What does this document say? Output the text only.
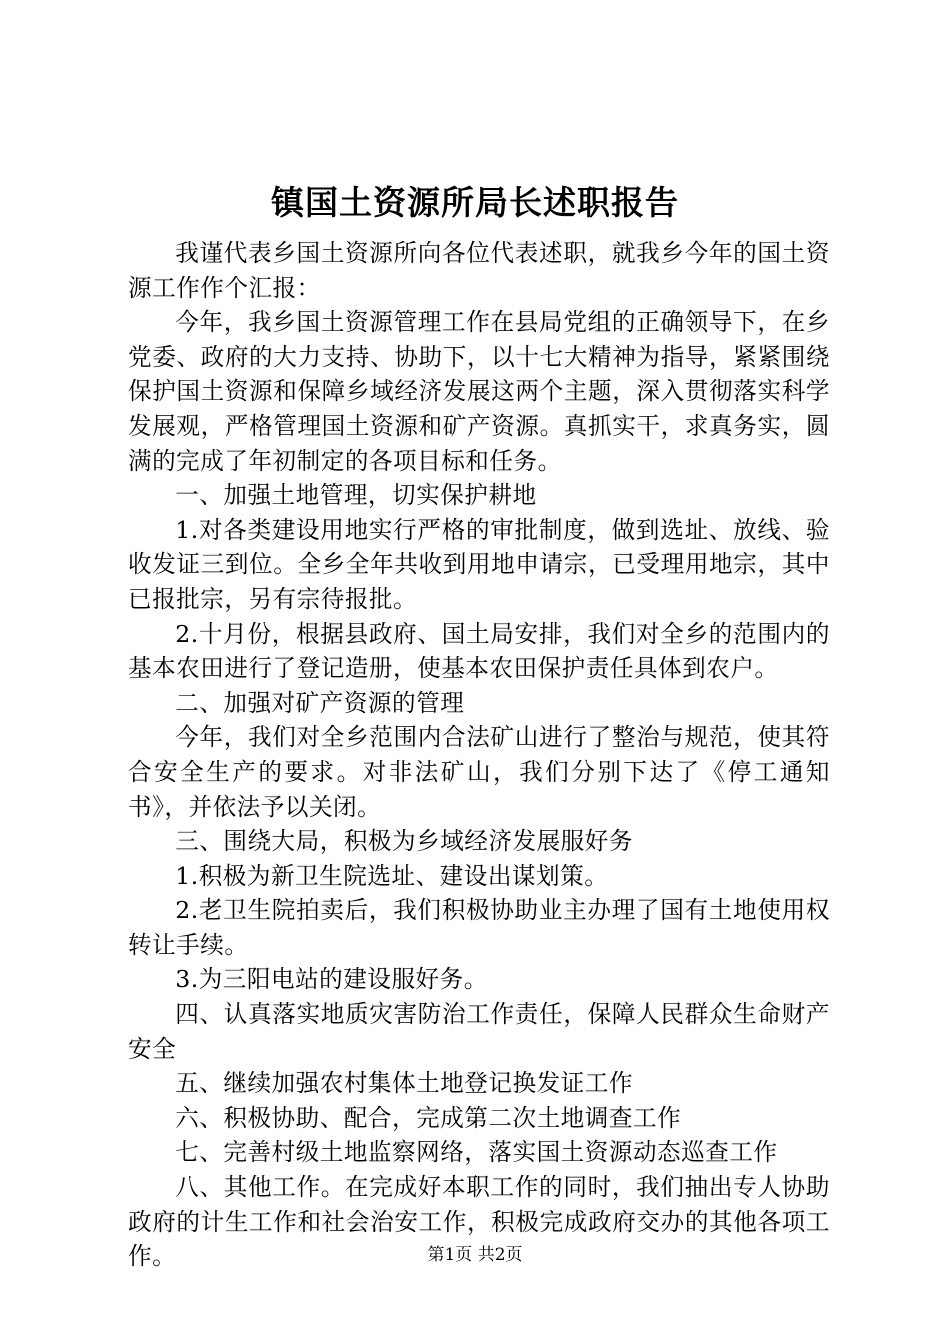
镇国土资源所局长述职报告

我谨代表乡国土资源所向各位代表述职，就我乡今年的国土资源工作作个汇报：

今年，我乡国土资源管理工作在县局党组的正确领导下，在乡党委、政府的大力支持、协助下，以十七大精神为指导，紧紧围绕保护国土资源和保障乡域经济发展这两个主题，深入贯彻落实科学发展观，严格管理国土资源和矿产资源。真抓实干，求真务实，圆满的完成了年初制定的各项目标和任务。

一、加强土地管理，切实保护耕地

1.对各类建设用地实行严格的审批制度，做到选址、放线、验收发证三到位。全乡全年共收到用地申请宗，已受理用地宗，其中已报批宗，另有宗待报批。

2.十月份，根据县政府、国土局安排，我们对全乡的范围内的基本农田进行了登记造册，使基本农田保护责任具体到农户。

二、加强对矿产资源的管理

今年，我们对全乡范围内合法矿山进行了整治与规范，使其符合安全生产的要求。对非法矿山，我们分别下达了《停工通知书》，并依法予以关闭。

三、围绕大局，积极为乡域经济发展服好务

1.积极为新卫生院选址、建设出谋划策。

2.老卫生院拍卖后，我们积极协助业主办理了国有土地使用权转让手续。

3.为三阳电站的建设服好务。

四、认真落实地质灾害防治工作责任，保障人民群众生命财产安全

五、继续加强农村集体土地登记换发证工作

六、积极协助、配合，完成第二次土地调查工作

七、完善村级土地监察网络，落实国土资源动态巡查工作

八、其他工作。在完成好本职工作的同时，我们抽出专人协助政府的计生工作和社会治安工作，积极完成政府交办的其他各项工作。	第1页 共2页
